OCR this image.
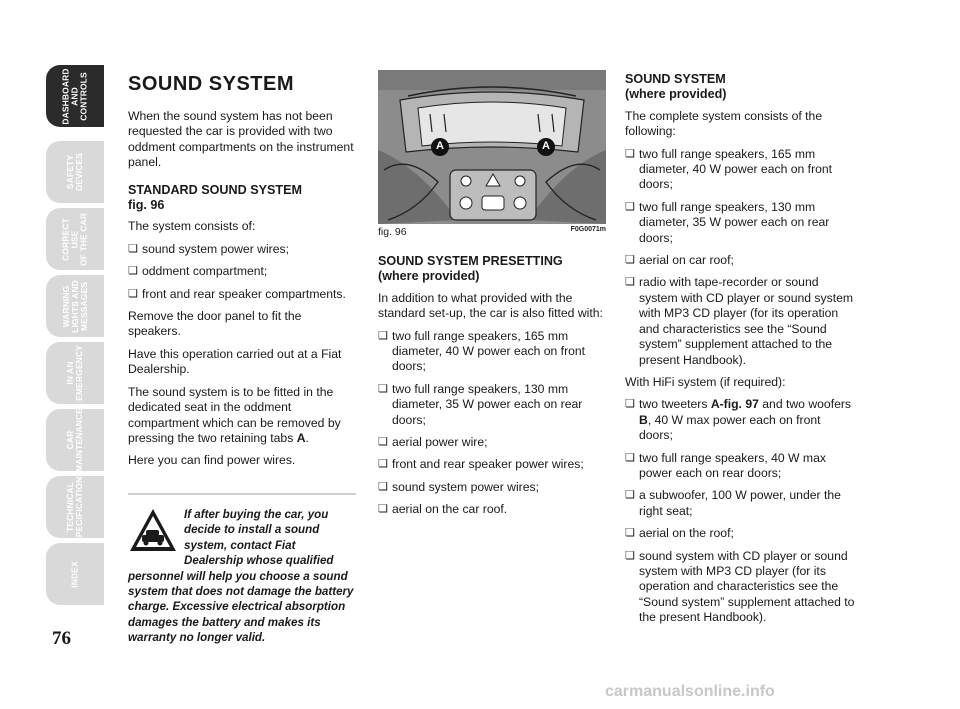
DASHBOARD
AND CONTROLS
SAFETY
DEVICES
CORRECT USE
OF THE CAR
WARNING
LIGHTS AND
MESSAGES
IN AN
EMERGENCY
CAR
MAINTENANCE
TECHNICAL
SPECIFICATIONS
INDEX
76
SOUND SYSTEM

When the sound system has not been requested the car is provided with two oddment compartments on the instrument panel.

STANDARD SOUND SYSTEM
fig. 96

The system consists of:

❏ sound system power wires;
❏ oddment compartment;
❏ front and rear speaker compartments.

Remove the door panel to fit the speakers.

Have this operation carried out at a Fiat Dealership.

The sound system is to be fitted in the dedicated seat in the oddment compartment which can be removed by pressing the two retaining tabs A.

Here you can find power wires.

If after buying the car, you decide to install a sound system, contact Fiat Dealership whose qualified personnel will help you choose a sound system that does not damage the battery charge. Excessive electrical absorption damages the battery and makes its warranty no longer valid.
A	A
fig. 96	F0G0071m
SOUND SYSTEM PRESETTING
(where provided)

In addition to what provided with the standard set-up, the car is also fitted with:

❏ two full range speakers, 165 mm diameter, 40 W power each on front doors;
❏ two full range speakers, 130 mm diameter, 35 W power each on rear doors;
❏ aerial power wire;
❏ front and rear speaker power wires;
❏ sound system power wires;
❏ aerial on the car roof.
SOUND SYSTEM
(where provided)

The complete system consists of the following:

❏ two full range speakers, 165 mm diameter, 40 W power each on front doors;
❏ two full range speakers, 130 mm diameter, 35 W power each on rear doors;
❏ aerial on car roof;
❏ radio with tape-recorder or sound system with CD player or sound system with MP3 CD player (for its operation and characteristics see the “Sound system” supplement attached to the present Handbook).

With HiFi system (if required):

❏ two tweeters A-fig. 97 and two woofers B, 40 W max power each on front doors;
❏ two full range speakers, 40 W max power each on rear doors;
❏ a subwoofer, 100 W power, under the right seat;
❏ aerial on the roof;
❏ sound system with CD player or sound system with MP3 CD player (for its operation and characteristics see the “Sound system” supplement attached to the present Handbook).
carmanualsonline.info
